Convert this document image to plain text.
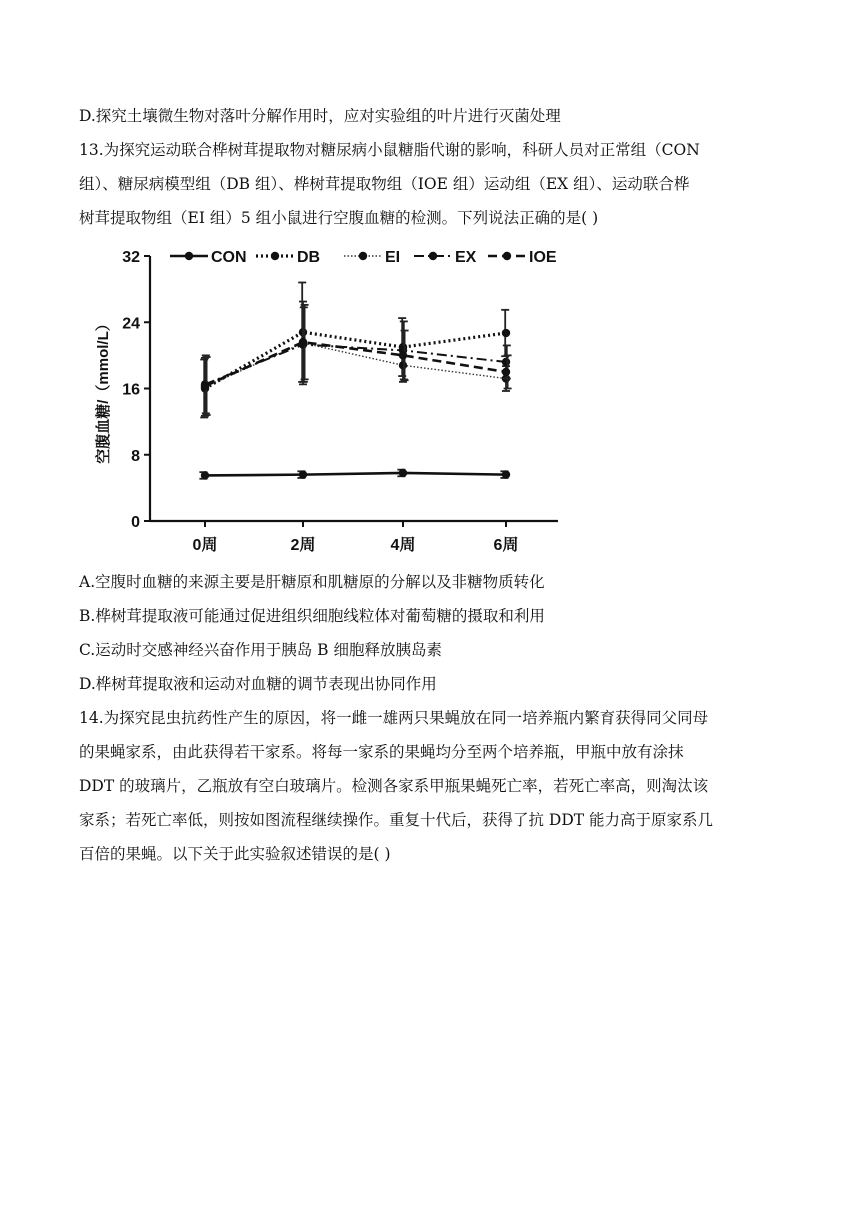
D.探究土壤微生物对落叶分解作用时，应对实验组的叶片进行灭菌处理
13.为探究运动联合桦树茸提取物对糖尿病小鼠糖脂代谢的影响，科研人员对正常组（CON
组）、糖尿病模型组（DB 组）、桦树茸提取物组（IOE 组）运动组（EX 组）、运动联合桦
树茸提取物组（EI 组）5 组小鼠进行空腹血糖的检测。下列说法正确的是( )
CON	DB	EI	EX	IOE
0
8
16
24
32
0周	2周	4周	6周
空腹血糖/（mmol/L）
A.空腹时血糖的来源主要是肝糖原和肌糖原的分解以及非糖物质转化
B.桦树茸提取液可能通过促进组织细胞线粒体对葡萄糖的摄取和利用
C.运动时交感神经兴奋作用于胰岛 B 细胞释放胰岛素
D.桦树茸提取液和运动对血糖的调节表现出协同作用
14.为探究昆虫抗药性产生的原因，将一雌一雄两只果蝇放在同一培养瓶内繁育获得同父同母
的果蝇家系，由此获得若干家系。将每一家系的果蝇均分至两个培养瓶，甲瓶中放有涂抹
DDT 的玻璃片，乙瓶放有空白玻璃片。检测各家系甲瓶果蝇死亡率，若死亡率高，则淘汰该
家系；若死亡率低，则按如图流程继续操作。重复十代后，获得了抗 DDT 能力高于原家系几
百倍的果蝇。以下关于此实验叙述错误的是( )
